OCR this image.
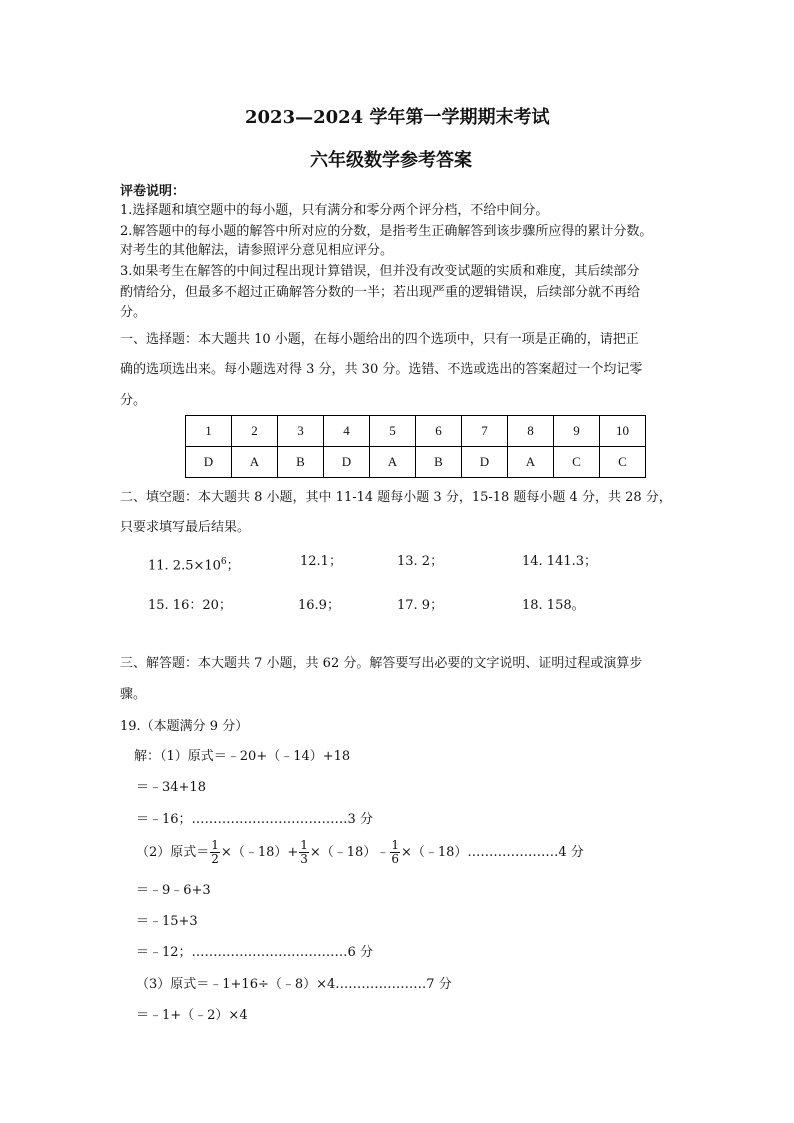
2023—2024 学年第一学期期末考试
六年级数学参考答案
评卷说明：
1.选择题和填空题中的每小题，只有满分和零分两个评分档，不给中间分。
2.解答题中的每小题的解答中所对应的分数，是指考生正确解答到该步骤所应得的累计分数。
对考生的其他解法，请参照评分意见相应评分。
3.如果考生在解答的中间过程出现计算错误，但并没有改变试题的实质和难度，其后续部分
酌情给分，但最多不超过正确解答分数的一半；若出现严重的逻辑错误，后续部分就不再给
分。
一、选择题：本大题共 10 小题，在每小题给出的四个选项中，只有一项是正确的，请把正
确的选项选出来。每小题选对得 3 分，共 30 分。选错、不选或选出的答案超过一个均记零
分。
1	2	3	4	5	6	7	8	9	10
D	A	B	D	A	B	D	A	C	C
二、填空题：本大题共 8 小题，其中 11-14 题每小题 3 分，15-18 题每小题 4 分，共 28 分，
只要求填写最后结果。
11. $2.5\times 10^6$；	12.1；	13. 2；	14. 141.3；
15. 16：20；	16.9；	17. 9；	18. 158。
三、解答题：本大题共 7 小题，共 62 分。解答要写出必要的文字说明、证明过程或演算步
骤。
19.（本题满分 9 分）
解：（1）原式＝﹣20+（﹣14）+18
＝﹣34+18
＝﹣16；………………………………3 分
（2）原式＝ $\frac{1}{2}$ ×（﹣18）+ $\frac{1}{3}$ ×（﹣18）﹣ $\frac{1}{6}$ ×（﹣18）…………………4 分
＝﹣9﹣6+3
＝﹣15+3
＝﹣12；………………………………6 分
（3）原式＝﹣1+16÷（﹣8）×4…………………7 分
＝﹣1+（﹣2）×4
